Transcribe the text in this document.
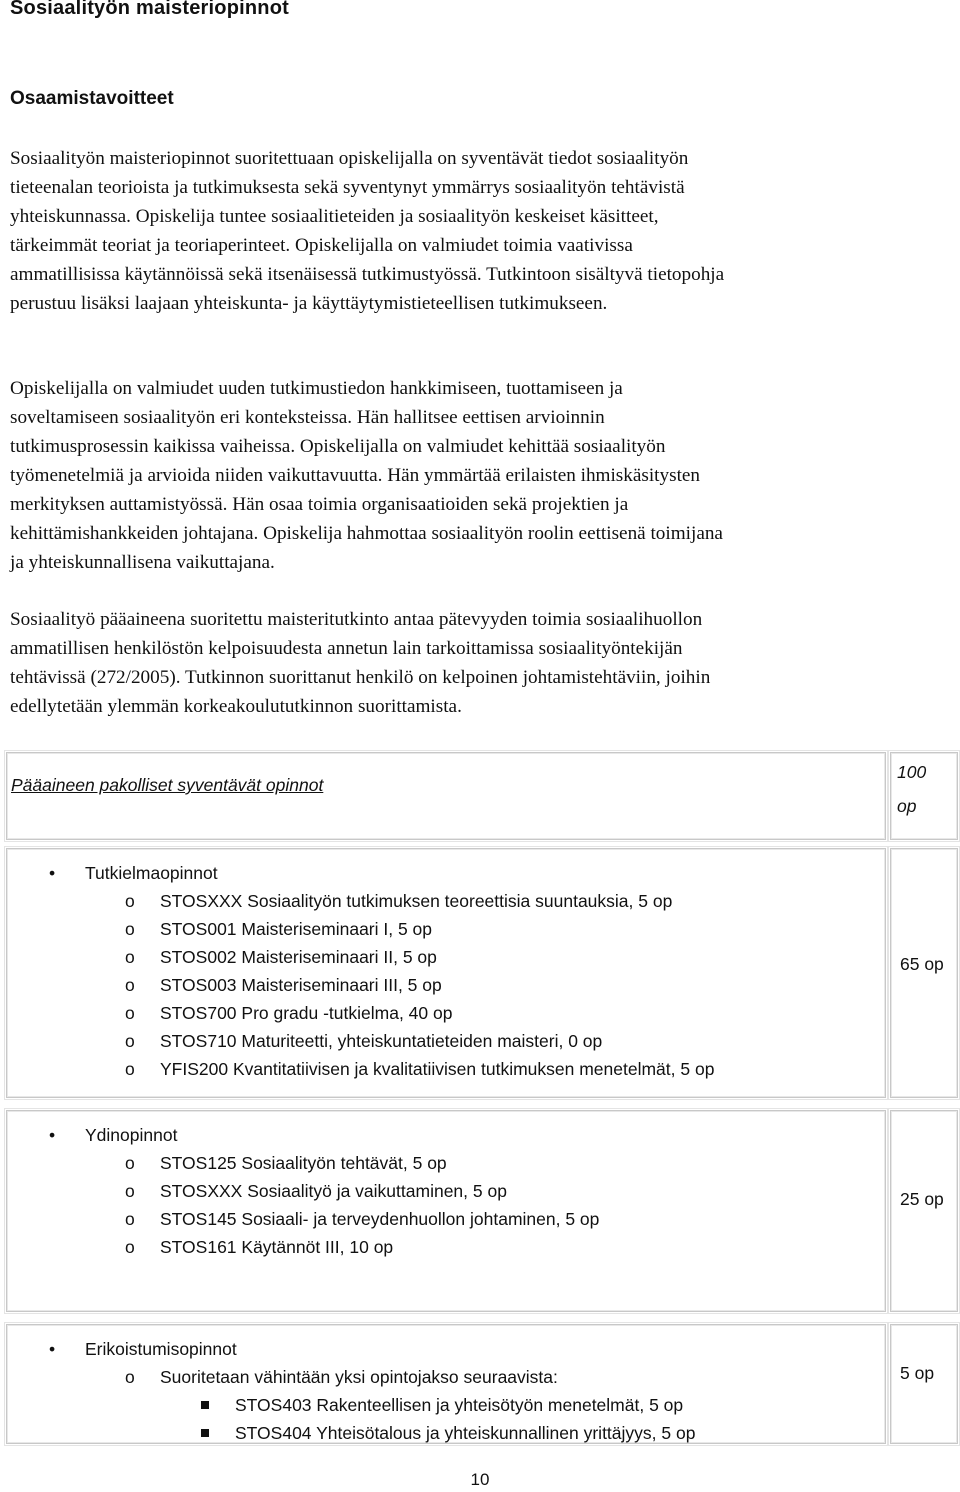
Sosiaalityön maisteriopinnot
Osaamistavoitteet

Sosiaalityön maisteriopinnot suoritettuaan opiskelijalla on syventävät tiedot sosiaalityön
tieteenalan teorioista ja tutkimuksesta sekä syventynyt ymmärrys sosiaalityön tehtävistä
yhteiskunnassa. Opiskelija tuntee sosiaalitieteiden ja sosiaalityön keskeiset käsitteet,
tärkeimmät teoriat ja teoriaperinteet. Opiskelijalla on valmiudet toimia vaativissa
ammatillisissa käytännöissä sekä itsenäisessä tutkimustyössä. Tutkintoon sisältyvä tietopohja
perustuu lisäksi laajaan yhteiskunta- ja käyttäytymistieteellisen tutkimukseen.

Opiskelijalla on valmiudet uuden tutkimustiedon hankkimiseen, tuottamiseen ja
soveltamiseen sosiaalityön eri konteksteissa. Hän hallitsee eettisen arvioinnin
tutkimusprosessin kaikissa vaiheissa. Opiskelijalla on valmiudet kehittää sosiaalityön
työmenetelmiä ja arvioida niiden vaikuttavuutta. Hän ymmärtää erilaisten ihmiskäsitysten
merkityksen auttamistyössä. Hän osaa toimia organisaatioiden sekä projektien ja
kehittämishankkeiden johtajana. Opiskelija hahmottaa sosiaalityön roolin eettisenä toimijana
ja yhteiskunnallisena vaikuttajana.

Sosiaalityö pääaineena suoritettu maisteritutkinto antaa pätevyyden toimia sosiaalihuollon
ammatillisen henkilöstön kelpoisuudesta annetun lain tarkoittamissa sosiaalityöntekijän
tehtävissä (272/2005). Tutkinnon suorittanut henkilö on kelpoinen johtamistehtäviin, joihin
edellytetään ylemmän korkeakoulututkinnon suorittamista.

Pääaineen pakolliset syventävät opinnot
100
op
• Tutkielmaopinnot
o STOSXXX Sosiaalityön tutkimuksen teoreettisia suuntauksia, 5 op
o STOS001 Maisteriseminaari I, 5 op
o STOS002 Maisteriseminaari II, 5 op
o STOS003 Maisteriseminaari III, 5 op
o STOS700 Pro gradu -tutkielma, 40 op
o STOS710 Maturiteetti, yhteiskuntatieteiden maisteri, 0 op
o YFIS200 Kvantitatiivisen ja kvalitatiivisen tutkimuksen menetelmät, 5 op
65 op
• Ydinopinnot
o STOS125 Sosiaalityön tehtävät, 5 op
o STOSXXX Sosiaalityö ja vaikuttaminen, 5 op
o STOS145 Sosiaali- ja terveydenhuollon johtaminen, 5 op
o STOS161 Käytännöt III, 10 op
25 op
• Erikoistumisopinnot
o Suoritetaan vähintään yksi opintojakso seuraavista:
STOS403 Rakenteellisen ja yhteisötyön menetelmät, 5 op
STOS404 Yhteisötalous ja yhteiskunnallinen yrittäjyys, 5 op
5 op
10
